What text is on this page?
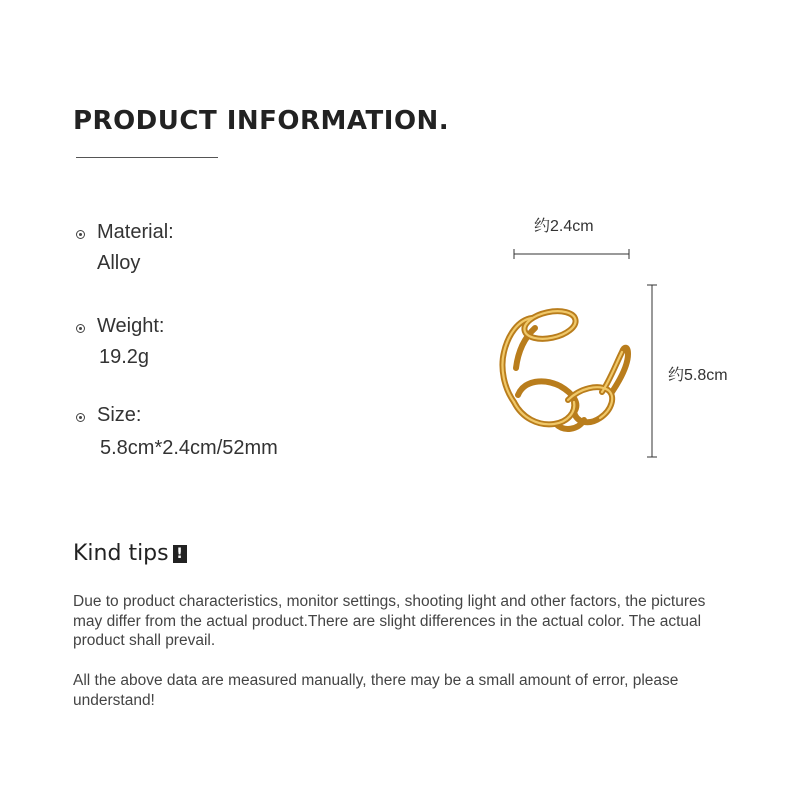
PRODUCT INFORMATION.
Material:
Alloy
Weight:
19.2g
Size:
5.8cm*2.4cm/52mm
约2.4cm
约5.8cm
Kind tips !
Due to product characteristics, monitor settings, shooting light and other factors, the pictures may differ from the actual product.There are slight differences in the actual color. The actual product shall prevail.
All the above data are measured manually, there may be a small amount of error, please understand!
